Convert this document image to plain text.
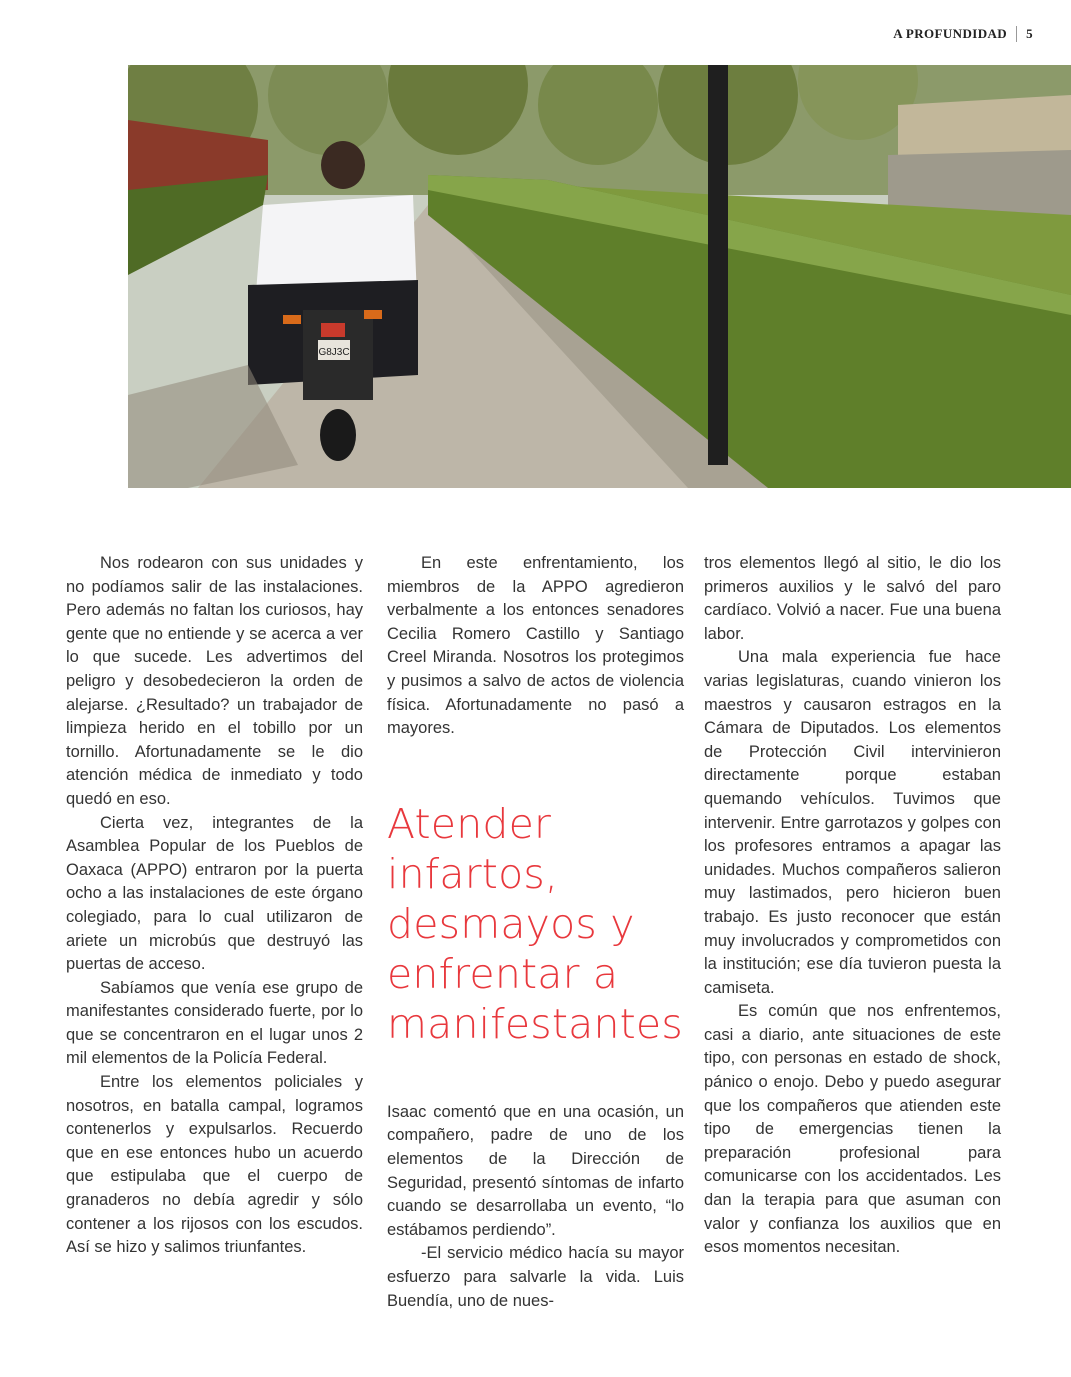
A PROFUNDIDAD 5
G8J3C

Nos rodearon con sus unidades y no podíamos salir de las instalaciones. Pero además no faltan los curiosos, hay gente que no entiende y se acerca a ver lo que sucede. Les advertimos del peligro y desobedecieron la orden de alejarse. ¿Resultado? un trabajador de limpieza herido en el tobillo por un tornillo. Afortunadamente se le dio atención médica de inmediato y todo quedó en eso.

Cierta vez, integrantes de la Asamblea Popular de los Pueblos de Oaxaca (APPO) entraron por la puerta ocho a las instalaciones de este órgano colegiado, para lo cual utilizaron de ariete un microbús que destruyó las puertas de acceso.

Sabíamos que venía ese grupo de manifestantes considerado fuerte, por lo que se concentraron en el lugar unos 2 mil elementos de la Policía Federal.

Entre los elementos policiales y nosotros, en batalla campal, logramos contenerlos y expulsarlos. Recuerdo que en ese entonces hubo un acuerdo que estipulaba que el cuerpo de granaderos no debía agredir y sólo contener a los rijosos con los escudos. Así se hizo y salimos triunfantes.

En este enfrentamiento, los miembros de la APPO agredieron verbalmente a los entonces senadores Cecilia Romero Castillo y Santiago Creel Miranda. Nosotros los protegimos y pusimos a salvo de actos de violencia física. Afortunadamente no pasó a mayores.

Atender infartos, desmayos y enfrentar a manifestantes

Isaac comentó que en una ocasión, un compañero, padre de uno de los elementos de la Dirección de Seguridad, presentó síntomas de infarto cuando se desarrollaba un evento, “lo estábamos perdiendo”.

-El servicio médico hacía su mayor esfuerzo para salvarle la vida. Luis Buendía, uno de nues-

tros elementos llegó al sitio, le dio los primeros auxilios y le salvó del paro cardíaco. Volvió a nacer. Fue una buena labor.

Una mala experiencia fue hace varias legislaturas, cuando vinieron los maestros y causaron estragos en la Cámara de Diputados. Los elementos de Protección Civil intervinieron directamente porque estaban quemando vehículos. Tuvimos que intervenir. Entre garrotazos y golpes con los profesores entramos a apagar las unidades. Muchos compañeros salieron muy lastimados, pero hicieron buen trabajo. Es justo reconocer que están muy involucrados y comprometidos con la institución; ese día tuvieron puesta la camiseta.

Es común que nos enfrentemos, casi a diario, ante situaciones de este tipo, con personas en estado de shock, pánico o enojo. Debo y puedo asegurar que los compañeros que atienden este tipo de emergencias tienen la preparación profesional para comunicarse con los accidentados. Les dan la terapia para que asuman con valor y confianza los auxilios que en esos momentos necesitan.
